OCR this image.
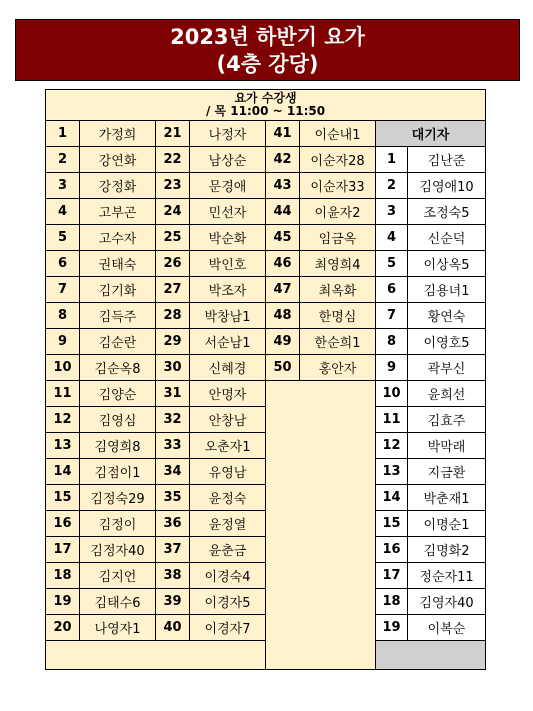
2023년 하반기 요가
(4층 강당)
요가 수강생
/ 목 11:00 ~ 11:50							

1	가정희	21	나정자	41	이순내1	대기자	
2	강연화	22	남상순	42	이순자28	1	김난준
3	강정화	23	문경애	43	이순자33	2	김영애10
4	고부곤	24	민선자	44	이윤자2	3	조정숙5
5	고수자	25	박순화	45	임금옥	4	신순덕
6	권태숙	26	박인호	46	최영희4	5	이상옥5
7	김기화	27	박조자	47	최옥화	6	김용녀1
8	김득주	28	박창남1	48	한명심	7	황연숙
9	김순란	29	서순남1	49	한순희1	8	이영호5
10	김순옥8	30	신혜경	50	홍안자	9	곽부신
11	김양순	31	안명자			10	윤희선
12	김영심	32	안창남			11	김효주
13	김영희8	33	오춘자1			12	박막래
14	김점이1	34	유영남			13	지금환
15	김정숙29	35	윤정숙			14	박춘재1
16	김정이	36	윤정열			15	이명순1
17	김정자40	37	윤춘금			16	김명화2
18	김지언	38	이경숙4			17	정순자11
19	김태수6	39	이경자5			18	김영자40
20	나영자1	40	이경자7			19	이복순
